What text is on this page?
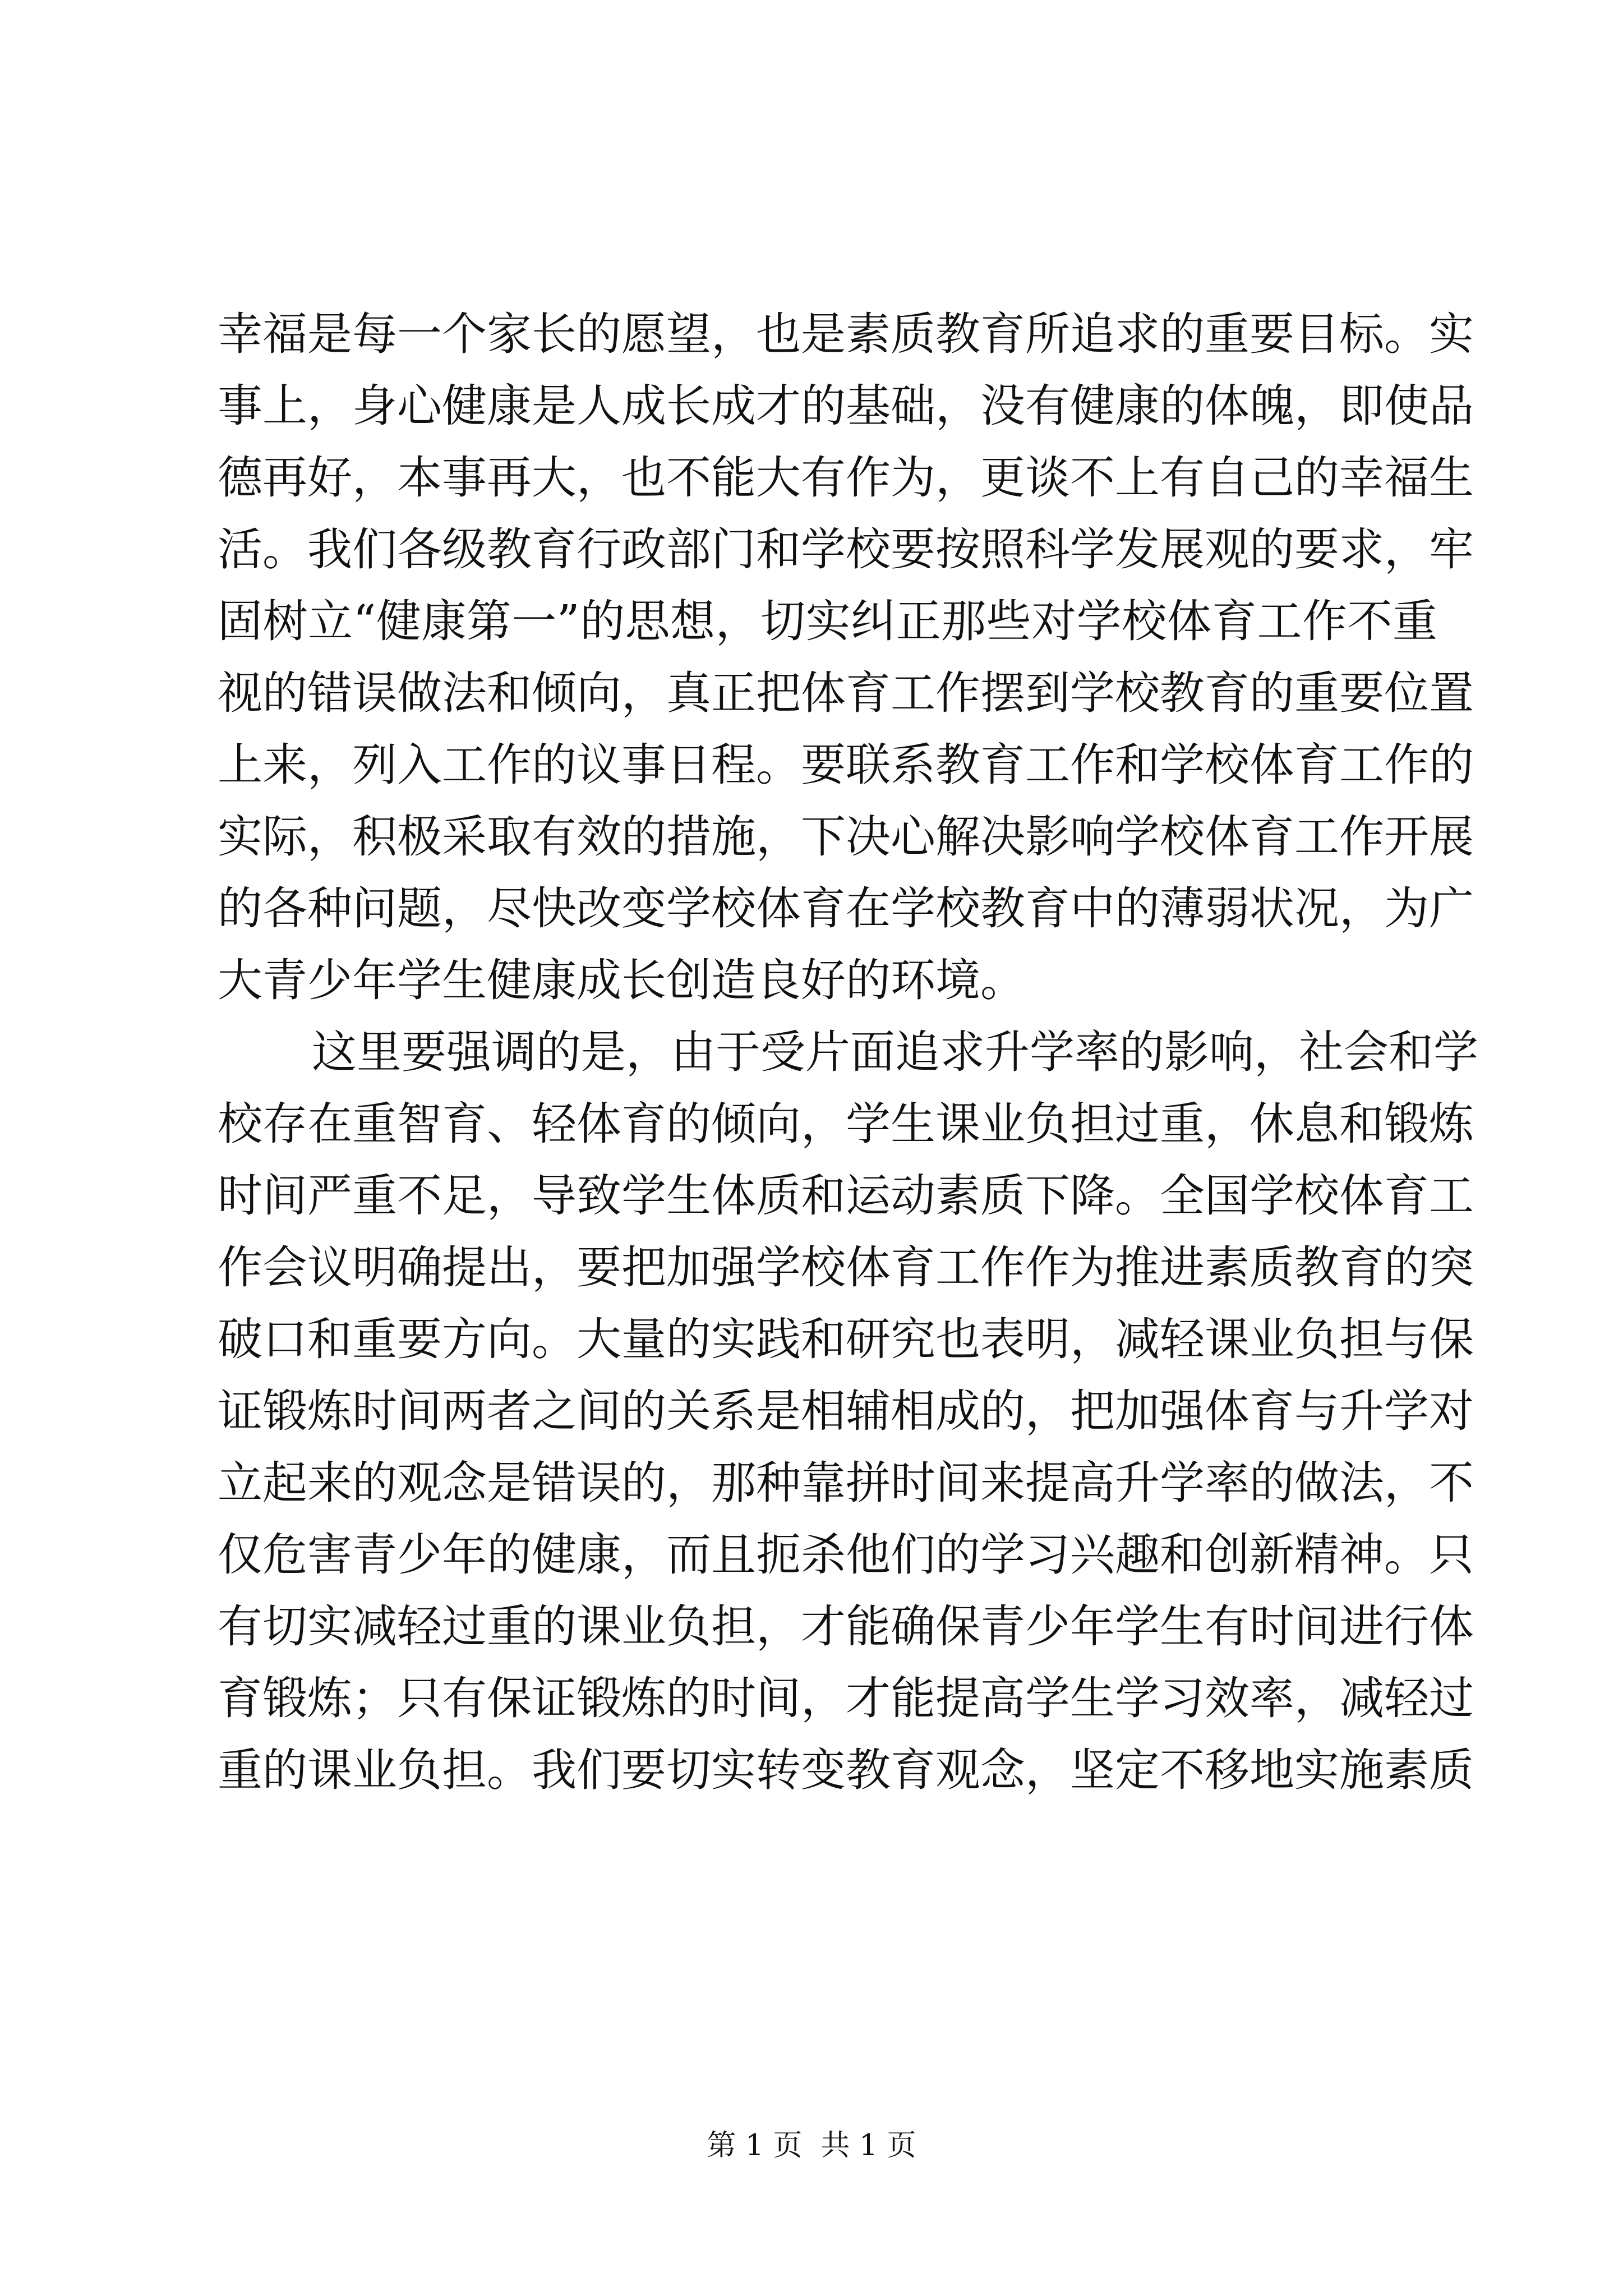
幸福是每一个家长的愿望，也是素质教育所追求的重要目标。实
事上，身心健康是人成长成才的基础，没有健康的体魄，即使品
德再好，本事再大，也不能大有作为，更谈不上有自己的幸福生
活。我们各级教育行政部门和学校要按照科学发展观的要求，牢
固树立“健康第一”的思想，切实纠正那些对学校体育工作不重
视的错误做法和倾向，真正把体育工作摆到学校教育的重要位置
上来，列入工作的议事日程。要联系教育工作和学校体育工作的
实际，积极采取有效的措施，下决心解决影响学校体育工作开展
的各种问题，尽快改变学校体育在学校教育中的薄弱状况，为广
大青少年学生健康成长创造良好的环境。
这里要强调的是，由于受片面追求升学率的影响，社会和学
校存在重智育、轻体育的倾向，学生课业负担过重，休息和锻炼
时间严重不足，导致学生体质和运动素质下降。全国学校体育工
作会议明确提出，要把加强学校体育工作作为推进素质教育的突
破口和重要方向。大量的实践和研究也表明，减轻课业负担与保
证锻炼时间两者之间的关系是相辅相成的，把加强体育与升学对
立起来的观念是错误的，那种靠拼时间来提高升学率的做法，不
仅危害青少年的健康，而且扼杀他们的学习兴趣和创新精神。只
有切实减轻过重的课业负担，才能确保青少年学生有时间进行体
育锻炼；只有保证锻炼的时间，才能提高学生学习效率，减轻过
重的课业负担。我们要切实转变教育观念，坚定不移地实施素质
第 1 页  共 1 页
